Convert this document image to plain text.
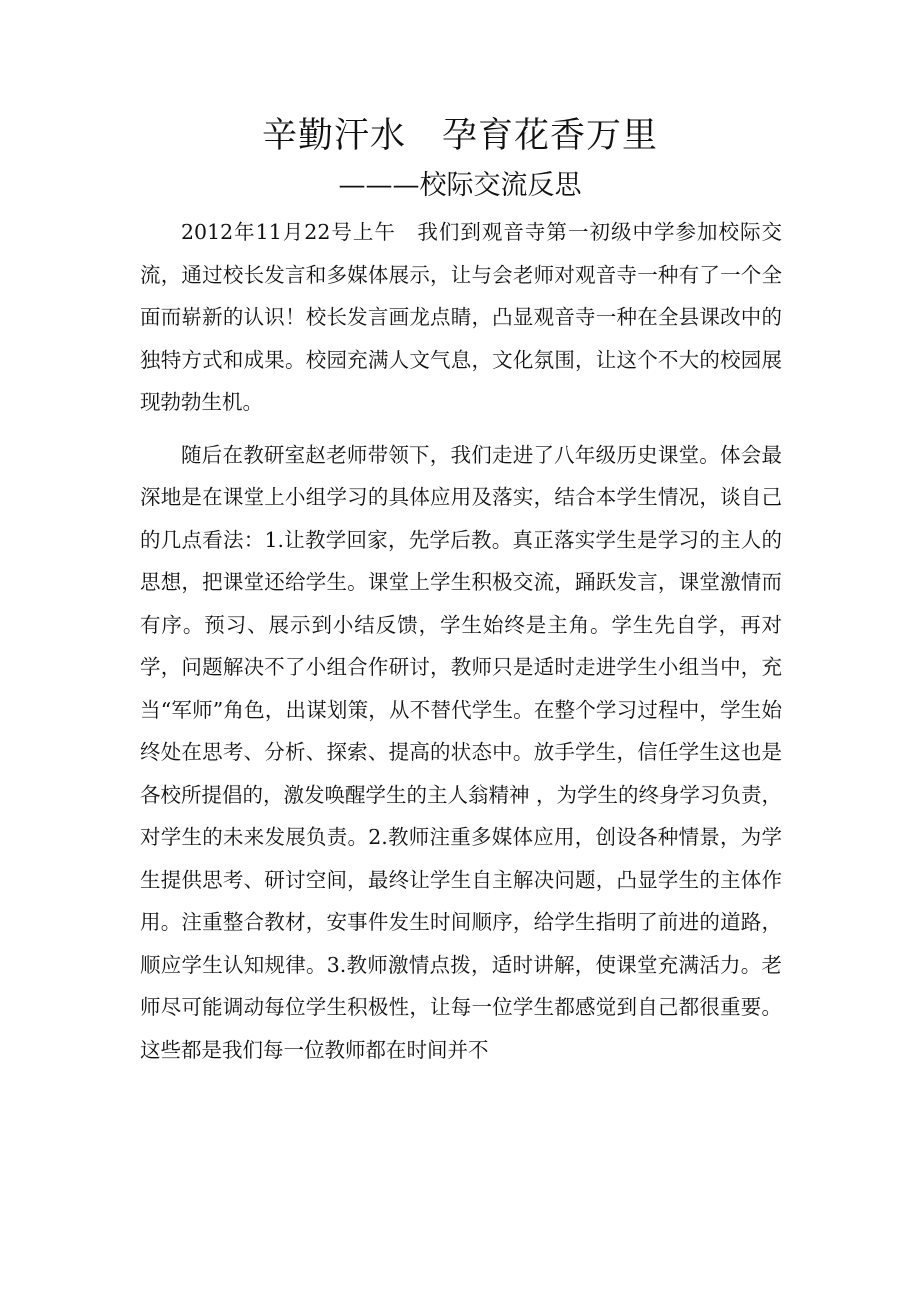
辛勤汗水　孕育花香万里
———校际交流反思

2012年11月22号上午　我们到观音寺第一初级中学参加校际交流，通过校长发言和多媒体展示，让与会老师对观音寺一种有了一个全面而崭新的认识！校长发言画龙点睛，凸显观音寺一种在全县课改中的独特方式和成果。校园充满人文气息，文化氛围，让这个不大的校园展现勃勃生机。

随后在教研室赵老师带领下，我们走进了八年级历史课堂。体会最深地是在课堂上小组学习的具体应用及落实，结合本学生情况，谈自己的几点看法：1.让教学回家，先学后教。真正落实学生是学习的主人的思想，把课堂还给学生。课堂上学生积极交流，踊跃发言，课堂激情而有序。预习、展示到小结反馈，学生始终是主角。学生先自学，再对学，问题解决不了小组合作研讨，教师只是适时走进学生小组当中，充当“军师”角色，出谋划策，从不替代学生。在整个学习过程中，学生始终处在思考、分析、探索、提高的状态中。放手学生，信任学生这也是各校所提倡的，激发唤醒学生的主人翁精神 ，为学生的终身学习负责，对学生的未来发展负责。2.教师注重多媒体应用，创设各种情景，为学生提供思考、研讨空间，最终让学生自主解决问题，凸显学生的主体作用。注重整合教材，安事件发生时间顺序，给学生指明了前进的道路，顺应学生认知规律。3.教师激情点拨，适时讲解，使课堂充满活力。老师尽可能调动每位学生积极性，让每一位学生都感觉到自己都很重要。这些都是我们每一位教师都在时间并不
